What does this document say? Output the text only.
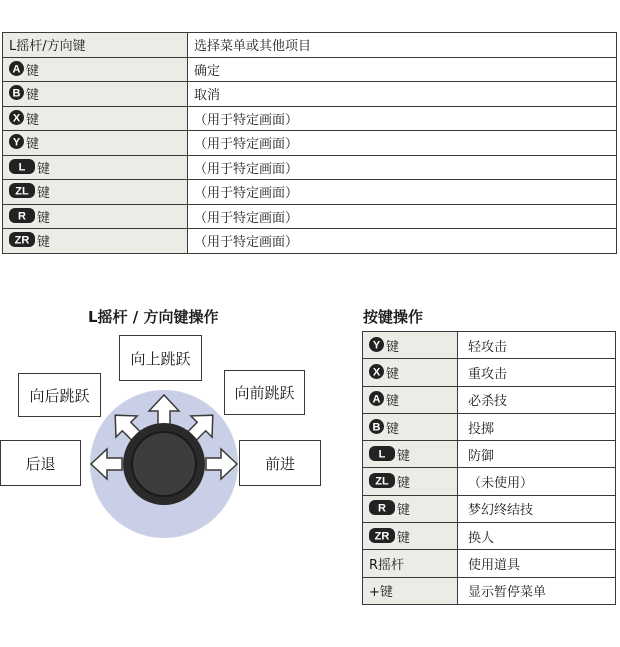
L摇杆/方向键	选择菜单或其他项目

A 键	确定

B 键	取消

X 键	（用于特定画面）

Y 键	（用于特定画面）

L 键	（用于特定画面）

ZL 键	（用于特定画面）

R 键	（用于特定画面）

ZR 键	（用于特定画面）
L摇杆 / 方向键操作	按键操作
向上跳跃
向后跳跃	向前跳跃
后退	前进
Y 键	轻攻击

X 键	重攻击

A 键	必杀技

B 键	投掷

L 键	防御

ZL 键	（未使用）

R 键	梦幻终结技

ZR 键	换人
R摇杆	使用道具
+键	显示暂停菜单
